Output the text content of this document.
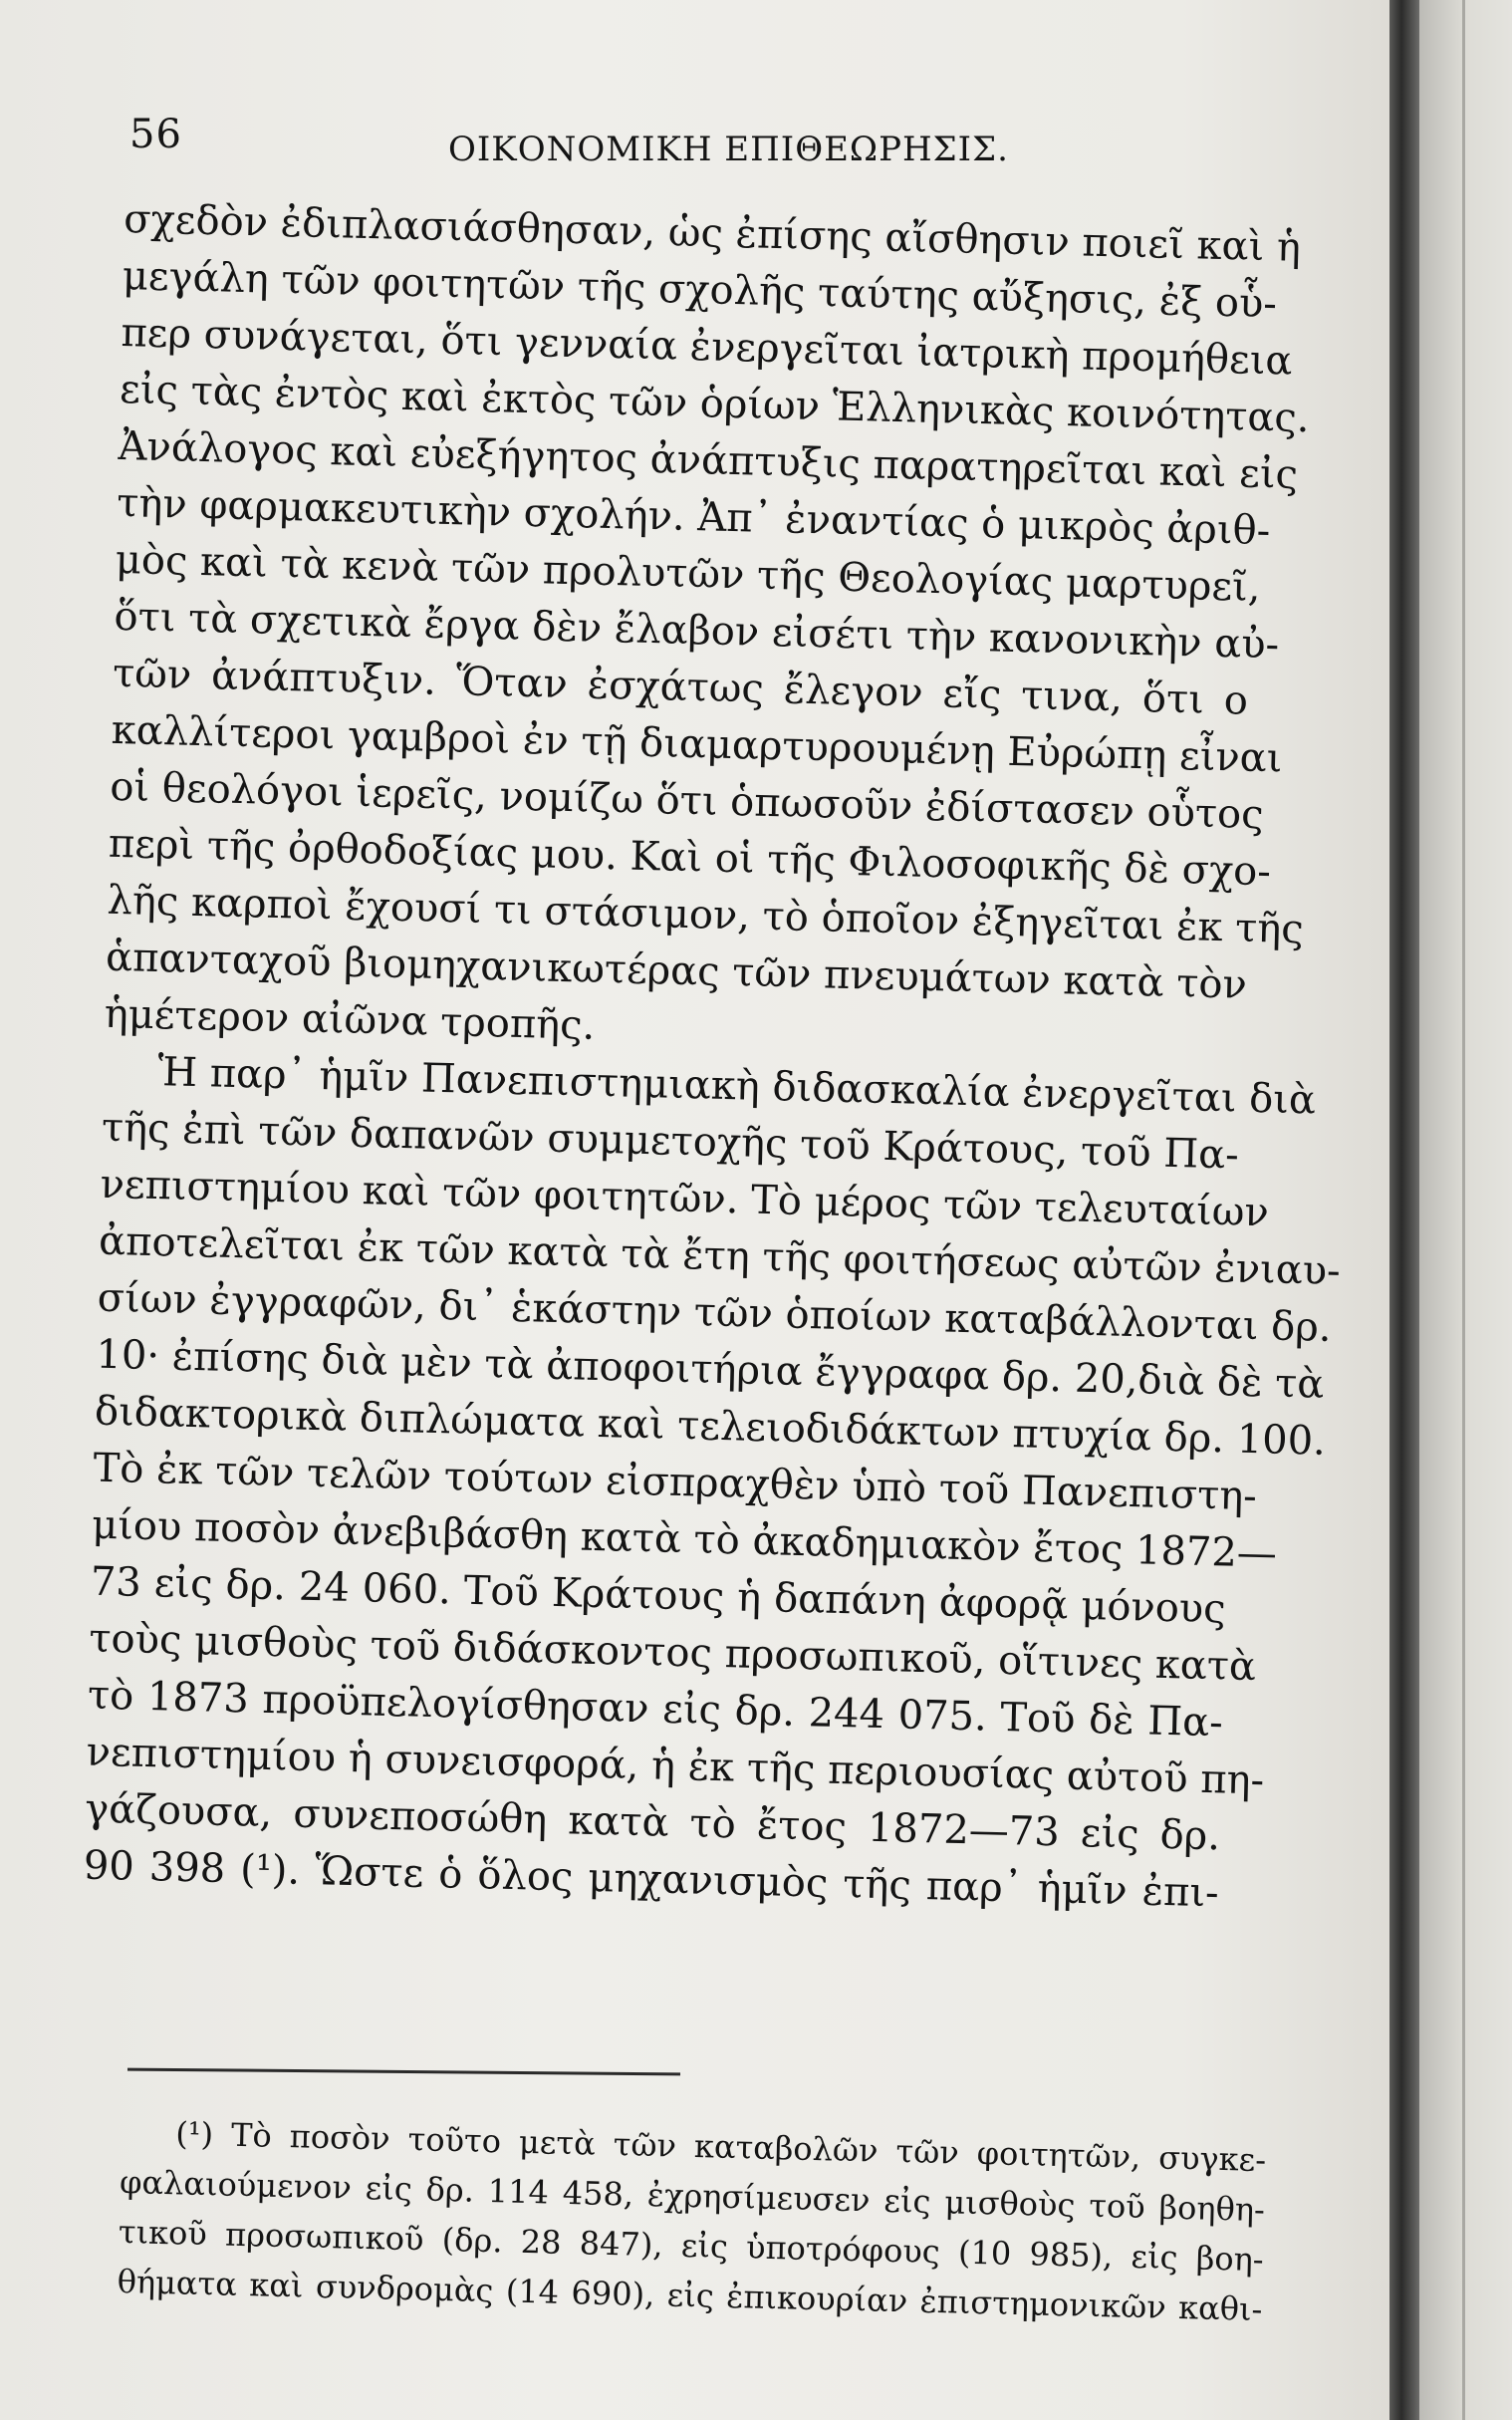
56	ΟΙΚΟΝΟΜΙΚΗ ΕΠΙΘΕΩΡΗΣΙΣ.
σχεδὸν ἐδιπλασιάσθησαν, ὡς ἐπίσης αἴσθησιν ποιεῖ καὶ ἡ
μεγάλη τῶν φοιτητῶν τῆς σχολῆς ταύτης αὔξησις, ἐξ οὗ-
περ συνάγεται, ὅτι γενναία ἐνεργεῖται ἰατρικὴ προμήθεια
εἰς τὰς ἐντὸς καὶ ἐκτὸς τῶν ὁρίων Ἑλληνικὰς κοινότητας.
Ἀνάλογος καὶ εὐεξήγητος ἀνάπτυξις παρατηρεῖται καὶ εἰς
τὴν φαρμακευτικὴν σχολήν. Ἀπ᾽ ἐναντίας ὁ μικρὸς ἀριθ-
μὸς καὶ τὰ κενὰ τῶν προλυτῶν τῆς Θεολογίας μαρτυρεῖ,
ὅτι τὰ σχετικὰ ἔργα δὲν ἔλαβον εἰσέτι τὴν κανονικὴν αὐ-
τῶν ἀνάπτυξιν. Ὅταν ἐσχάτως ἔλεγον εἴς τινα, ὅτι ο
καλλίτεροι γαμβροὶ ἐν τῇ διαμαρτυρουμένῃ Εὐρώπῃ εἶναι
οἱ θεολόγοι ἱερεῖς, νομίζω ὅτι ὁπωσοῦν ἐδίστασεν οὗτος
περὶ τῆς ὀρθοδοξίας μου. Καὶ οἱ τῆς Φιλοσοφικῆς δὲ σχο-
λῆς καρποὶ ἔχουσί τι στάσιμον, τὸ ὁποῖον ἐξηγεῖται ἐκ τῆς
ἁπανταχοῦ βιομηχανικωτέρας τῶν πνευμάτων κατὰ τὸν
ἡμέτερον αἰῶνα τροπῆς.
Ἡ παρ᾽ ἡμῖν Πανεπιστημιακὴ διδασκαλία ἐνεργεῖται διὰ
τῆς ἐπὶ τῶν δαπανῶν συμμετοχῆς τοῦ Κράτους, τοῦ Πα-
νεπιστημίου καὶ τῶν φοιτητῶν. Τὸ μέρος τῶν τελευταίων
ἀποτελεῖται ἐκ τῶν κατὰ τὰ ἔτη τῆς φοιτήσεως αὐτῶν ἐνιαυ-
σίων ἐγγραφῶν, δι᾽ ἑκάστην τῶν ὁποίων καταβάλλονται δρ.
10· ἐπίσης διὰ μὲν τὰ ἀποφοιτήρια ἔγγραφα δρ. 20,διὰ δὲ τὰ
διδακτορικὰ διπλώματα καὶ τελειοδιδάκτων πτυχία δρ. 100.
Τὸ ἐκ τῶν τελῶν τούτων εἰσπραχθὲν ὑπὸ τοῦ Πανεπιστη-
μίου ποσὸν ἀνεβιβάσθη κατὰ τὸ ἀκαδημιακὸν ἔτος 1872—
73 εἰς δρ. 24 060. Τοῦ Κράτους ἡ δαπάνη ἀφορᾷ μόνους
τοὺς μισθοὺς τοῦ διδάσκοντος προσωπικοῦ, οἵτινες κατὰ
τὸ 1873 προϋπελογίσθησαν εἰς δρ. 244 075. Τοῦ δὲ Πα-
νεπιστημίου ἡ συνεισφορά, ἡ ἐκ τῆς περιουσίας αὐτοῦ πη-
γάζουσα, συνεποσώθη κατὰ τὸ ἔτος 1872—73 εἰς δρ.
90 398 (¹). Ὥστε ὁ ὅλος μηχανισμὸς τῆς παρ᾽ ἡμῖν ἐπι-
(¹) Τὸ ποσὸν τοῦτο μετὰ τῶν καταβολῶν τῶν φοιτητῶν, συγκε-
φαλαιούμενον εἰς δρ. 114 458, ἐχρησίμευσεν εἰς μισθοὺς τοῦ βοηθη-
τικοῦ προσωπικοῦ (δρ. 28 847), εἰς ὑποτρόφους (10 985), εἰς βοη-
θήματα καὶ συνδρομὰς (14 690), εἰς ἐπικουρίαν ἐπιστημονικῶν καθι-
